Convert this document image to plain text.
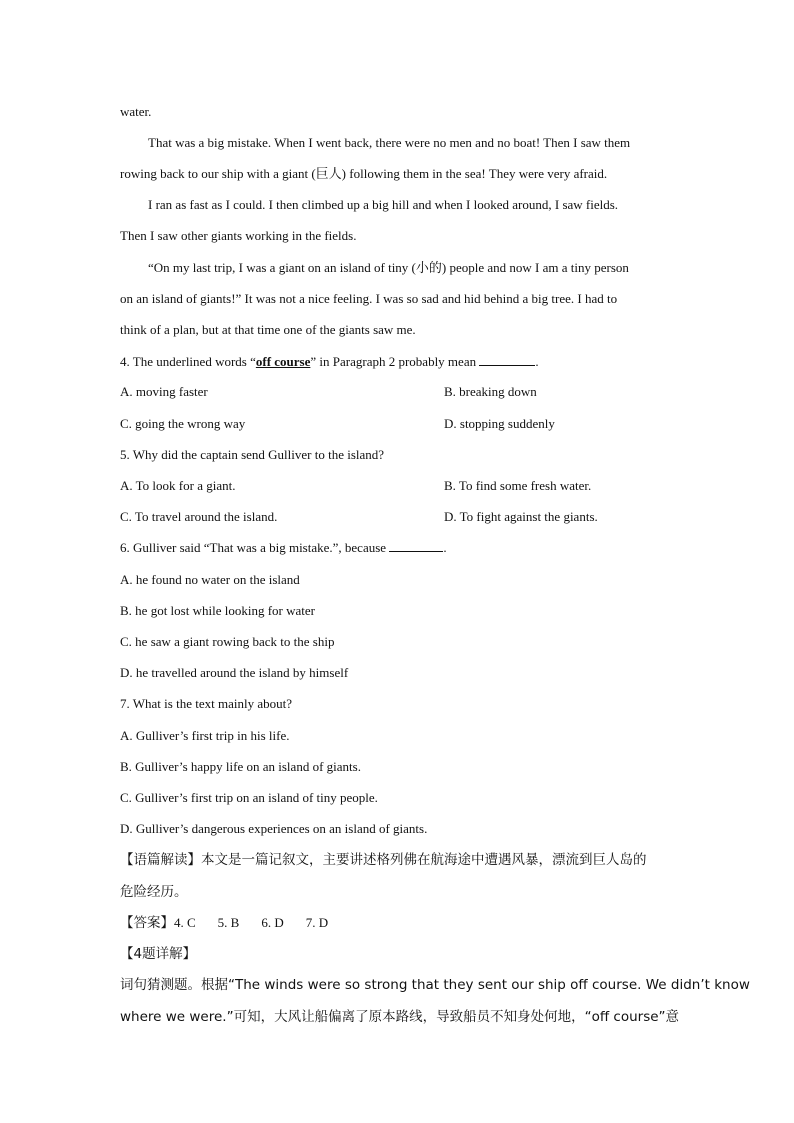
water.
That was a big mistake. When I went back, there were no men and no boat! Then I saw them
rowing back to our ship with a giant (巨人) following them in the sea! They were very afraid.
I ran as fast as I could. I then climbed up a big hill and when I looked around, I saw fields.
Then I saw other giants working in the fields.
“On my last trip, I was a giant on an island of tiny (小的) people and now I am a tiny person
on an island of giants!” It was not a nice feeling. I was so sad and hid behind a big tree. I had to
think of a plan, but at that time one of the giants saw me.
4. The underlined words “off course” in Paragraph 2 probably mean	.
A. moving faster	B. breaking down
C. going the wrong way	D. stopping suddenly
5. Why did the captain send Gulliver to the island?
A. To look for a giant.	B. To find some fresh water.
C. To travel around the island.	D. To fight against the giants.
6. Gulliver said “That was a big mistake.”, because	.
A. he found no water on the island
B. he got lost while looking for water
C. he saw a giant rowing back to the ship
D. he travelled around the island by himself
7. What is the text mainly about?
A. Gulliver’s first trip in his life.
B. Gulliver’s happy life on an island of giants.
C. Gulliver’s first trip on an island of tiny people.
D. Gulliver’s dangerous experiences on an island of giants.
【语篇解读】本文是一篇记叙文，主要讲述格列佛在航海途中遭遇风暴，漂流到巨人岛的
危险经历。
【答案】4. C 5. B 6. D 7. D
【4题详解】
词句猜测题。根据“The winds were so strong that they sent our ship off course. We didn’t know
where we were.”可知，大风让船偏离了原本路线，导致船员不知身处何地，“off course”意
